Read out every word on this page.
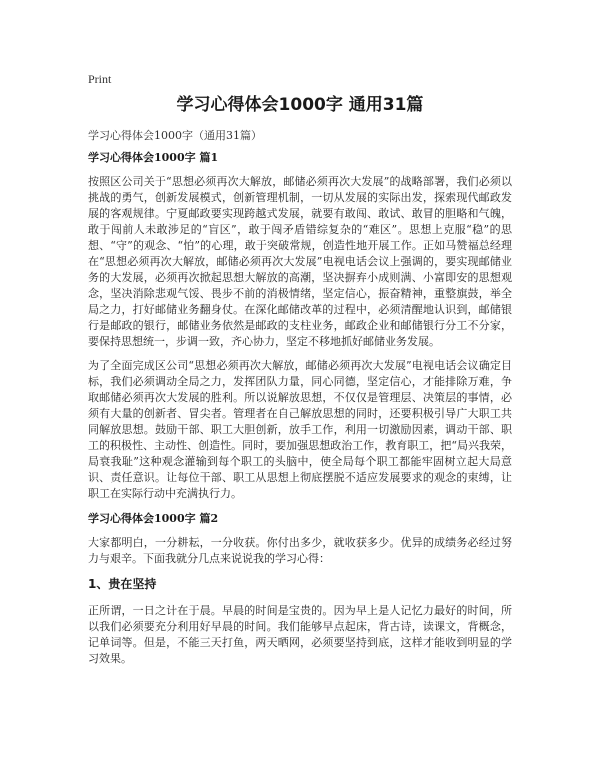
Print

学习心得体会1000字 通用31篇

学习心得体会1000字（通用31篇）

学习心得体会1000字 篇1

按照区公司关于“思想必须再次大解放，邮储必须再次大发展”的战略部署，我们必须以挑战的勇气，创新发展模式，创新管理机制，一切从发展的实际出发，探索现代邮政发展的客观规律。宁夏邮政要实现跨越式发展，就要有敢闯、敢试、敢冒的胆略和气魄，敢于闯前人未敢涉足的“盲区”，敢于闯矛盾错综复杂的“难区”。思想上克服“稳”的思想、“守”的观念、“怕”的心理，敢于突破常规，创造性地开展工作。正如马赞福总经理在“思想必须再次大解放，邮储必须再次大发展”电视电话会议上强调的，要实现邮储业务的大发展，必须再次掀起思想大解放的高潮，坚决摒弃小成则满、小富即安的思想观念，坚决消除悲观气馁、畏步不前的消极情绪，坚定信心，振奋精神，重整旗鼓，举全局之力，打好邮储业务翻身仗。在深化邮储改革的过程中，必须清醒地认识到，邮储银行是邮政的银行，邮储业务依然是邮政的支柱业务，邮政企业和邮储银行分工不分家，要保持思想统一，步调一致，齐心协力，坚定不移地抓好邮储业务发展。

为了全面完成区公司“思想必须再次大解放，邮储必须再次大发展”电视电话会议确定目标，我们必须调动全局之力，发挥团队力量，同心同德，坚定信心，才能排除万难，争取邮储必须再次大发展的胜利。所以说解放思想，不仅仅是管理层、决策层的事情，必须有大量的创新者、冒尖者。管理者在自己解放思想的同时，还要积极引导广大职工共同解放思想。鼓励干部、职工大胆创新，放手工作，利用一切激励因素，调动干部、职工的积极性、主动性、创造性。同时，要加强思想政治工作，教育职工，把“局兴我荣，局衰我耻”这种观念灌输到每个职工的头脑中，使全局每个职工都能牢固树立起大局意识、责任意识。让每位干部、职工从思想上彻底摆脱不适应发展要求的观念的束缚，让职工在实际行动中充满执行力。

学习心得体会1000字 篇2

大家都明白，一分耕耘，一分收获。你付出多少，就收获多少。优异的成绩务必经过努力与艰辛。下面我就分几点来说说我的学习心得：

1、贵在坚持

正所谓，一日之计在于晨。早晨的时间是宝贵的。因为早上是人记忆力最好的时间，所以我们必须要充分利用好早晨的时间。我们能够早点起床，背古诗，读课文，背概念，记单词等。但是，不能三天打鱼，两天晒网，必须要坚持到底，这样才能收到明显的学习效果。
